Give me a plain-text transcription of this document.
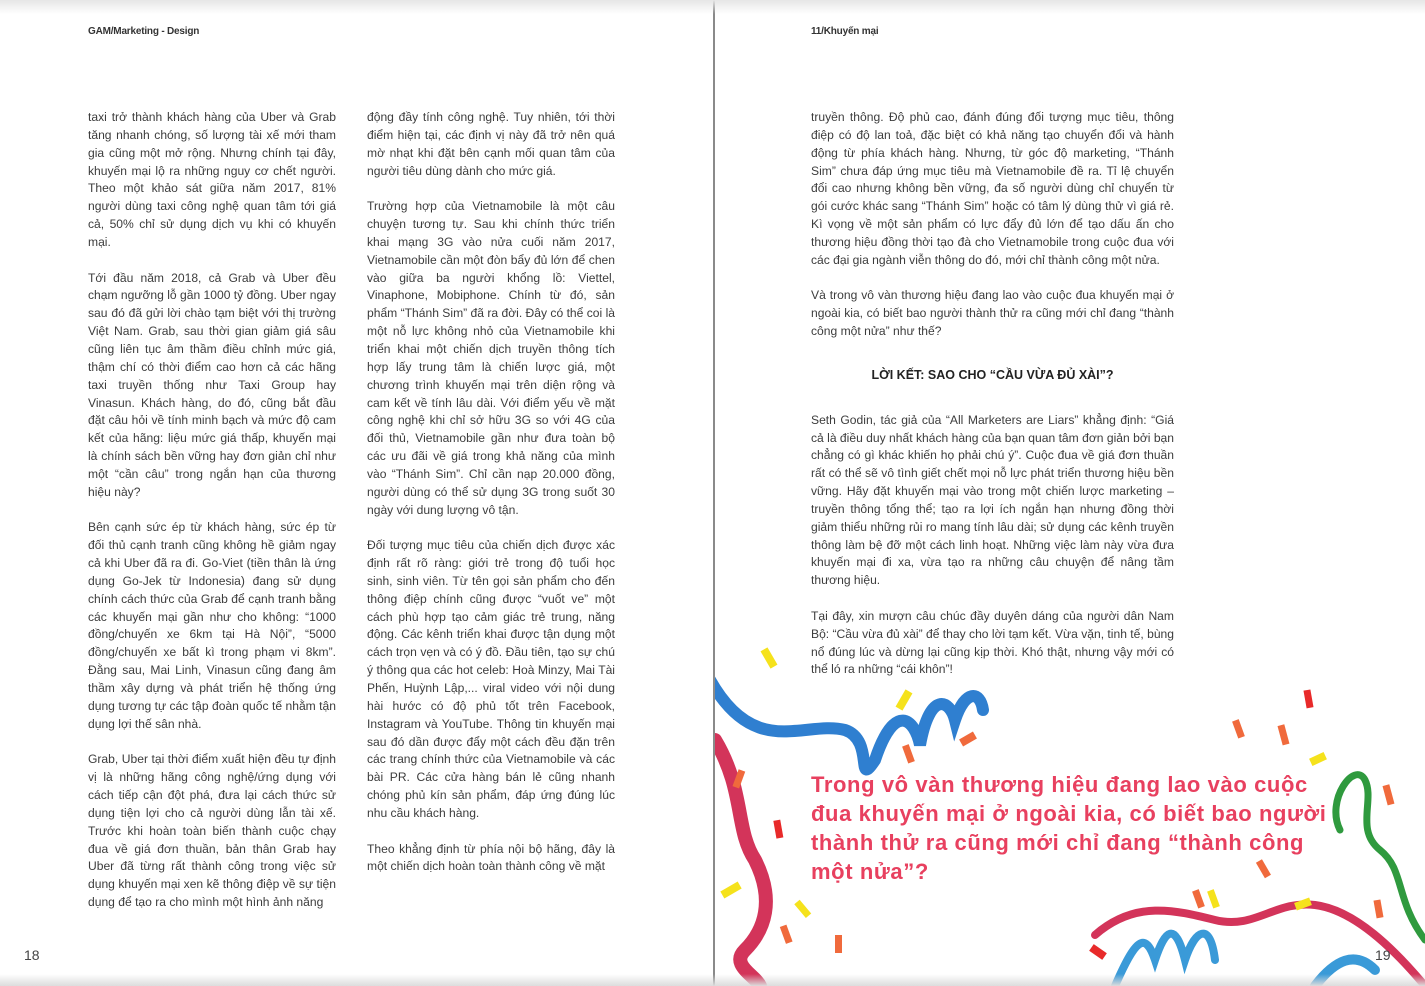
GAM/Marketing - Design

taxi trở thành khách hàng của Uber và Grab tăng nhanh chóng, số lượng tài xế mới tham gia cũng một mở rộng. Nhưng chính tại đây, khuyến mại lộ ra những nguy cơ chết người. Theo một khảo sát giữa năm 2017, 81% người dùng taxi công nghệ quan tâm tới giá cả, 50% chỉ sử dụng dịch vụ khi có khuyến mại.

Tới đầu năm 2018, cả Grab và Uber đều chạm ngưỡng lỗ gần 1000 tỷ đồng. Uber ngay sau đó đã gửi lời chào tạm biệt với thị trường Việt Nam. Grab, sau thời gian giảm giá sâu cũng liên tục âm thầm điều chỉnh mức giá, thậm chí có thời điểm cao hơn cả các hãng taxi truyền thống như Taxi Group hay Vinasun. Khách hàng, do đó, cũng bắt đầu đặt câu hỏi về tính minh bạch và mức độ cam kết của hãng: liệu mức giá thấp, khuyến mại là chính sách bền vững hay đơn giản chỉ như một “cần câu” trong ngắn hạn của thương hiệu này?

Bên cạnh sức ép từ khách hàng, sức ép từ đối thủ cạnh tranh cũng không hề giảm ngay cả khi Uber đã ra đi. Go-Viet (tiền thân là ứng dụng Go-Jek từ Indonesia) đang sử dụng chính cách thức của Grab để cạnh tranh bằng các khuyến mại gần như cho không: “1000 đồng/chuyến xe 6km tại Hà Nội”, “5000 đồng/chuyến xe bất kì trong phạm vi 8km”. Đằng sau, Mai Linh, Vinasun cũng đang âm thầm xây dựng và phát triển hệ thống ứng dụng tương tự các tập đoàn quốc tế nhằm tận dụng lợi thế sân nhà.

Grab, Uber tại thời điểm xuất hiện đều tự định vị là những hãng công nghệ/ứng dụng với cách tiếp cận đột phá, đưa lại cách thức sử dụng tiện lợi cho cả người dùng lẫn tài xế. Trước khi hoàn toàn biến thành cuộc chạy đua về giá đơn thuần, bản thân Grab hay Uber đã từng rất thành công trong việc sử dụng khuyến mại xen kẽ thông điệp về sự tiện dụng để tạo ra cho mình một hình ảnh năng

động đầy tính công nghệ. Tuy nhiên, tới thời điểm hiện tại, các định vị này đã trở nên quá mờ nhạt khi đặt bên cạnh mối quan tâm của người tiêu dùng dành cho mức giá.

Trường hợp của Vietnamobile là một câu chuyện tương tự. Sau khi chính thức triển khai mạng 3G vào nửa cuối năm 2017, Vietnamobile cần một đòn bẩy đủ lớn để chen vào giữa ba người khổng lồ: Viettel, Vinaphone, Mobiphone. Chính từ đó, sản phẩm “Thánh Sim” đã ra đời. Đây có thể coi là một nỗ lực không nhỏ của Vietnamobile khi triển khai một chiến dịch truyền thông tích hợp lấy trung tâm là chiến lược giá, một chương trình khuyến mại trên diện rộng và cam kết về tính lâu dài. Với điểm yếu về mặt công nghệ khi chỉ sở hữu 3G so với 4G của đối thủ, Vietnamobile gần như đưa toàn bộ các ưu đãi về giá trong khả năng của mình vào “Thánh Sim”. Chỉ cần nạp 20.000 đồng, người dùng có thể sử dụng 3G trong suốt 30 ngày với dung lượng vô tận.

Đối tượng mục tiêu của chiến dịch được xác định rất rõ ràng: giới trẻ trong độ tuổi học sinh, sinh viên. Từ tên gọi sản phẩm cho đến thông điệp chính cũng được “vuốt ve” một cách phù hợp tạo cảm giác trẻ trung, năng động. Các kênh triển khai được tận dụng một cách trọn vẹn và có ý đồ. Đầu tiên, tạo sự chú ý thông qua các hot celeb: Hoà Minzy, Mai Tài Phến, Huỳnh Lập,... viral video với nội dung hài hước có độ phủ tốt trên Facebook, Instagram và YouTube. Thông tin khuyến mại sau đó dần được đẩy một cách đều đặn trên các trang chính thức của Vietnamobile và các bài PR. Các cửa hàng bán lẻ cũng nhanh chóng phủ kín sản phẩm, đáp ứng đúng lúc nhu cầu khách hàng.

Theo khẳng định từ phía nội bộ hãng, đây là một chiến dịch hoàn toàn thành công về mặt

18
11/Khuyến mại

truyền thông. Độ phủ cao, đánh đúng đối tượng mục tiêu, thông điệp có độ lan toả, đặc biệt có khả năng tạo chuyển đổi và hành động từ phía khách hàng. Nhưng, từ góc độ marketing, “Thánh Sim” chưa đáp ứng mục tiêu mà Vietnamobile đề ra. Tỉ lệ chuyển đổi cao nhưng không bền vững, đa số người dùng chỉ chuyển từ gói cước khác sang “Thánh Sim” hoặc có tâm lý dùng thử vì giá rẻ. Kì vọng về một sản phẩm có lực đẩy đủ lớn để tạo dấu ấn cho thương hiệu đồng thời tạo đà cho Vietnamobile trong cuộc đua với các đại gia ngành viễn thông do đó, mới chỉ thành công một nửa.

Và trong vô vàn thương hiệu đang lao vào cuộc đua khuyến mại ở ngoài kia, có biết bao người thành thử ra cũng mới chỉ đang “thành công một nửa” như thế?

LỜI KẾT: SAO CHO “CẦU VỪA ĐỦ XÀI”?

Seth Godin, tác giả của “All Marketers are Liars” khẳng định: “Giá cả là điều duy nhất khách hàng của bạn quan tâm đơn giản bởi bạn chẳng có gì khác khiến họ phải chú ý”. Cuộc đua về giá đơn thuần rất có thể sẽ vô tình giết chết mọi nỗ lực phát triển thương hiệu bền vững. Hãy đặt khuyến mại vào trong một chiến lược marketing – truyền thông tổng thể; tạo ra lợi ích ngắn hạn nhưng đồng thời giảm thiểu những rủi ro mang tính lâu dài; sử dụng các kênh truyền thông làm bệ đỡ một cách linh hoạt. Những việc làm này vừa đưa khuyến mại đi xa, vừa tạo ra những câu chuyện để nâng tầm thương hiệu.

Tại đây, xin mượn câu chúc đầy duyên dáng của người dân Nam Bộ: “Cầu vừa đủ xài” để thay cho lời tạm kết. Vừa vặn, tinh tế, bùng nổ đúng lúc và dừng lại cũng kịp thời. Khó thật, nhưng vậy mới có thể ló ra những “cái khôn”!

Trong vô vàn thương hiệu đang lao vào cuộc đua khuyến mại ở ngoài kia, có biết bao người thành thử ra cũng mới chỉ đang “thành công một nửa”?
19
